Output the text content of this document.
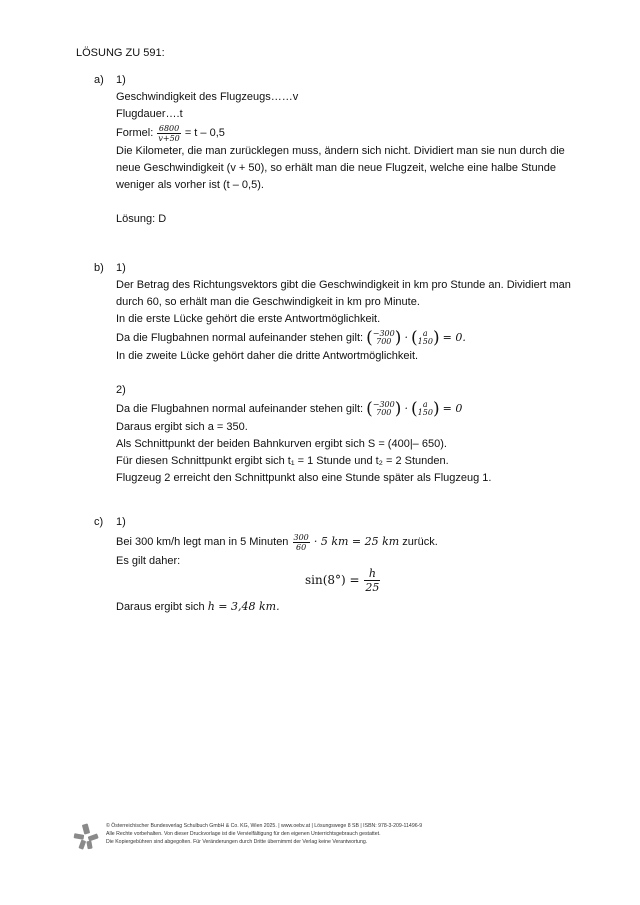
LÖSUNG ZU 591:
a)	1)
Geschwindigkeit des Flugzeugs……v
Flugdauer….t
Formel: $\frac{6800}{v+50} = t - 0,5$
Die Kilometer, die man zurücklegen muss, ändern sich nicht. Dividiert man sie nun durch die
neue Geschwindigkeit (v + 50), so erhält man die neue Flugzeit, welche eine halbe Stunde
weniger als vorher ist (t – 0,5).
Lösung: D
b)	1)
Der Betrag des Richtungsvektors gibt die Geschwindigkeit in km pro Stunde an. Dividiert man
durch 60, so erhält man die Geschwindigkeit in km pro Minute.
In die erste Lücke gehört die erste Antwortmöglichkeit.
Da die Flugbahnen normal aufeinander stehen gilt: ( −300
700 ) · ( a
150 ) = 0.
In die zweite Lücke gehört daher die dritte Antwortmöglichkeit.
2)
Da die Flugbahnen normal aufeinander stehen gilt: ( −300
700 ) · ( a
150 ) = 0
Daraus ergibt sich a = 350.
Als Schnittpunkt der beiden Bahnkurven ergibt sich S = (400|– 650).
Für diesen Schnittpunkt ergibt sich t₁ = 1 Stunde und t₂ = 2 Stunden.
Flugzeug 2 erreicht den Schnittpunkt also eine Stunde später als Flugzeug 1.
c)	1)
Bei 300 km/h legt man in 5 Minuten $\frac{300}{60} \cdot 5$ km = 25 km zurück.
Es gilt daher:
$\sin(8^\circ) = \frac{h}{25}$
Daraus ergibt sich h = 3,48 km.
© Österreichischer Bundesverlag Schulbuch GmbH & Co. KG, Wien 2025. | www.oebv.at | Lösungswege 8 SB | ISBN: 978-3-209-11496-9
Alle Rechte vorbehalten. Von dieser Druckvorlage ist die Vervielfältigung für den eigenen Unterrichtsgebrauch gestattet.
Die Kopiergebühren sind abgegolten. Für Veränderungen durch Dritte übernimmt der Verlag keine Verantwortung.
